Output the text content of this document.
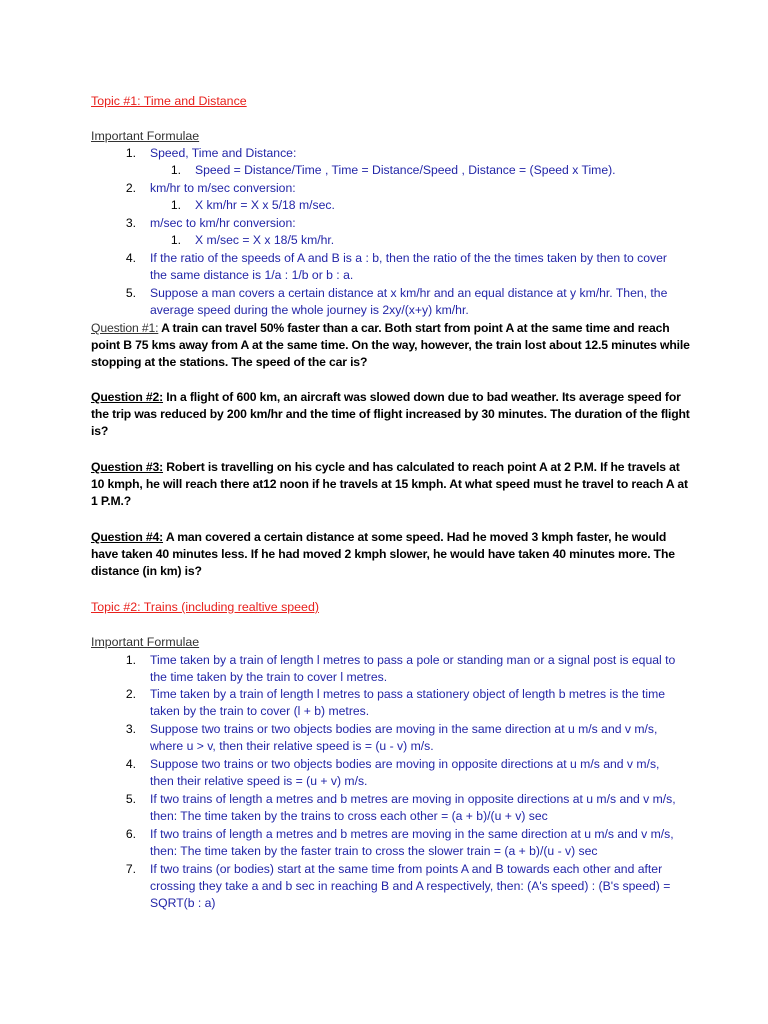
Topic #1: Time and Distance
Important Formulae
1. Speed, Time and Distance:
1. Speed = Distance/Time , Time = Distance/Speed , Distance = (Speed x Time).
2. km/hr to m/sec conversion:
1. X km/hr = X x 5/18 m/sec.
3. m/sec to km/hr conversion:
1. X m/sec = X x 18/5 km/hr.
4. If the ratio of the speeds of A and B is a : b, then the ratio of the the times taken by then to cover
the same distance is 1/a : 1/b or b : a.
5. Suppose a man covers a certain distance at x km/hr and an equal distance at y km/hr. Then, the
average speed during the whole journey is 2xy/(x+y) km/hr.
Question #1: A train can travel 50% faster than a car. Both start from point A at the same time and reach
point B 75 kms away from A at the same time. On the way, however, the train lost about 12.5 minutes while
stopping at the stations. The speed of the car is?
Question #2: In a flight of 600 km, an aircraft was slowed down due to bad weather. Its average speed for
the trip was reduced by 200 km/hr and the time of flight increased by 30 minutes. The duration of the flight
is?
Question #3: Robert is travelling on his cycle and has calculated to reach point A at 2 P.M. If he travels at
10 kmph, he will reach there at12 noon if he travels at 15 kmph. At what speed must he travel to reach A at
1 P.M.?
Question #4: A man covered a certain distance at some speed. Had he moved 3 kmph faster, he would
have taken 40 minutes less. If he had moved 2 kmph slower, he would have taken 40 minutes more. The
distance (in km) is?
Topic #2: Trains (including realtive speed)
Important Formulae
1. Time taken by a train of length l metres to pass a pole or standing man or a signal post is equal to
the time taken by the train to cover l metres.
2. Time taken by a train of length l metres to pass a stationery object of length b metres is the time
taken by the train to cover (l + b) metres.
3. Suppose two trains or two objects bodies are moving in the same direction at u m/s and v m/s,
where u > v, then their relative speed is = (u - v) m/s.
4. Suppose two trains or two objects bodies are moving in opposite directions at u m/s and v m/s,
then their relative speed is = (u + v) m/s.
5. If two trains of length a metres and b metres are moving in opposite directions at u m/s and v m/s,
then: The time taken by the trains to cross each other = (a + b)/(u + v) sec
6. If two trains of length a metres and b metres are moving in the same direction at u m/s and v m/s,
then: The time taken by the faster train to cross the slower train = (a + b)/(u - v) sec
7. If two trains (or bodies) start at the same time from points A and B towards each other and after
crossing they take a and b sec in reaching B and A respectively, then: (A's speed) : (B's speed) =
SQRT(b : a)
